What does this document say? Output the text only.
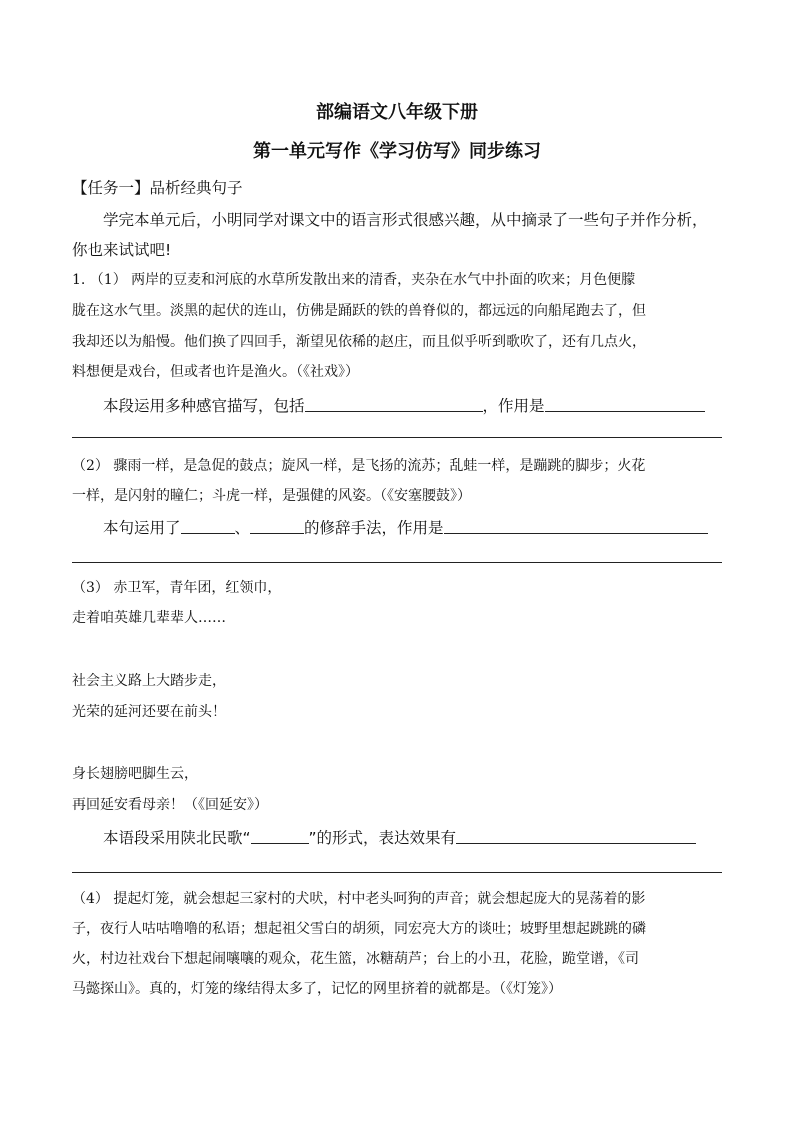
部编语文八年级下册
第一单元写作《学习仿写》同步练习
【任务一】品析经典句子
学完本单元后，小明同学对课文中的语言形式很感兴趣，从中摘录了一些句子并作分析，
你也来试试吧!
1. （1） 两岸的豆麦和河底的水草所发散出来的清香，夹杂在水气中扑面的吹来；月色便朦
胧在这水气里。淡黑的起伏的连山，仿佛是踊跃的铁的兽脊似的，都远远的向船尾跑去了，但
我却还以为船慢。他们换了四回手，渐望见依稀的赵庄，而且似乎听到歌吹了，还有几点火，
料想便是戏台，但或者也许是渔火。（《社戏》）
本段运用多种感官描写，包括	，作用是
（2） 骤雨一样，是急促的鼓点；旋风一样，是飞扬的流苏；乱蛙一样，是蹦跳的脚步；火花
一样，是闪射的瞳仁；斗虎一样，是强健的风姿。（《安塞腰鼓》）
本句运用了	、	的修辞手法，作用是
（3） 赤卫军，青年团，红领巾，
走着咱英雄几辈辈人……
社会主义路上大踏步走，
光荣的延河还要在前头！
身长翅膀吧脚生云，
再回延安看母亲！（《回延安》）
本语段采用陕北民歌“	”的形式，表达效果有
（4） 提起灯笼，就会想起三家村的犬吠，村中老头呵狗的声音；就会想起庞大的晃荡着的影
子，夜行人咕咕噜噜的私语；想起祖父雪白的胡须，同宏亮大方的谈吐；坡野里想起跳跳的磷
火，村边社戏台下想起闹嚷嚷的观众，花生篮，冰糖葫芦；台上的小丑，花脸，跪堂谱，《司
马懿探山》。真的，灯笼的缘结得太多了，记忆的网里挤着的就都是。（《灯笼》）
